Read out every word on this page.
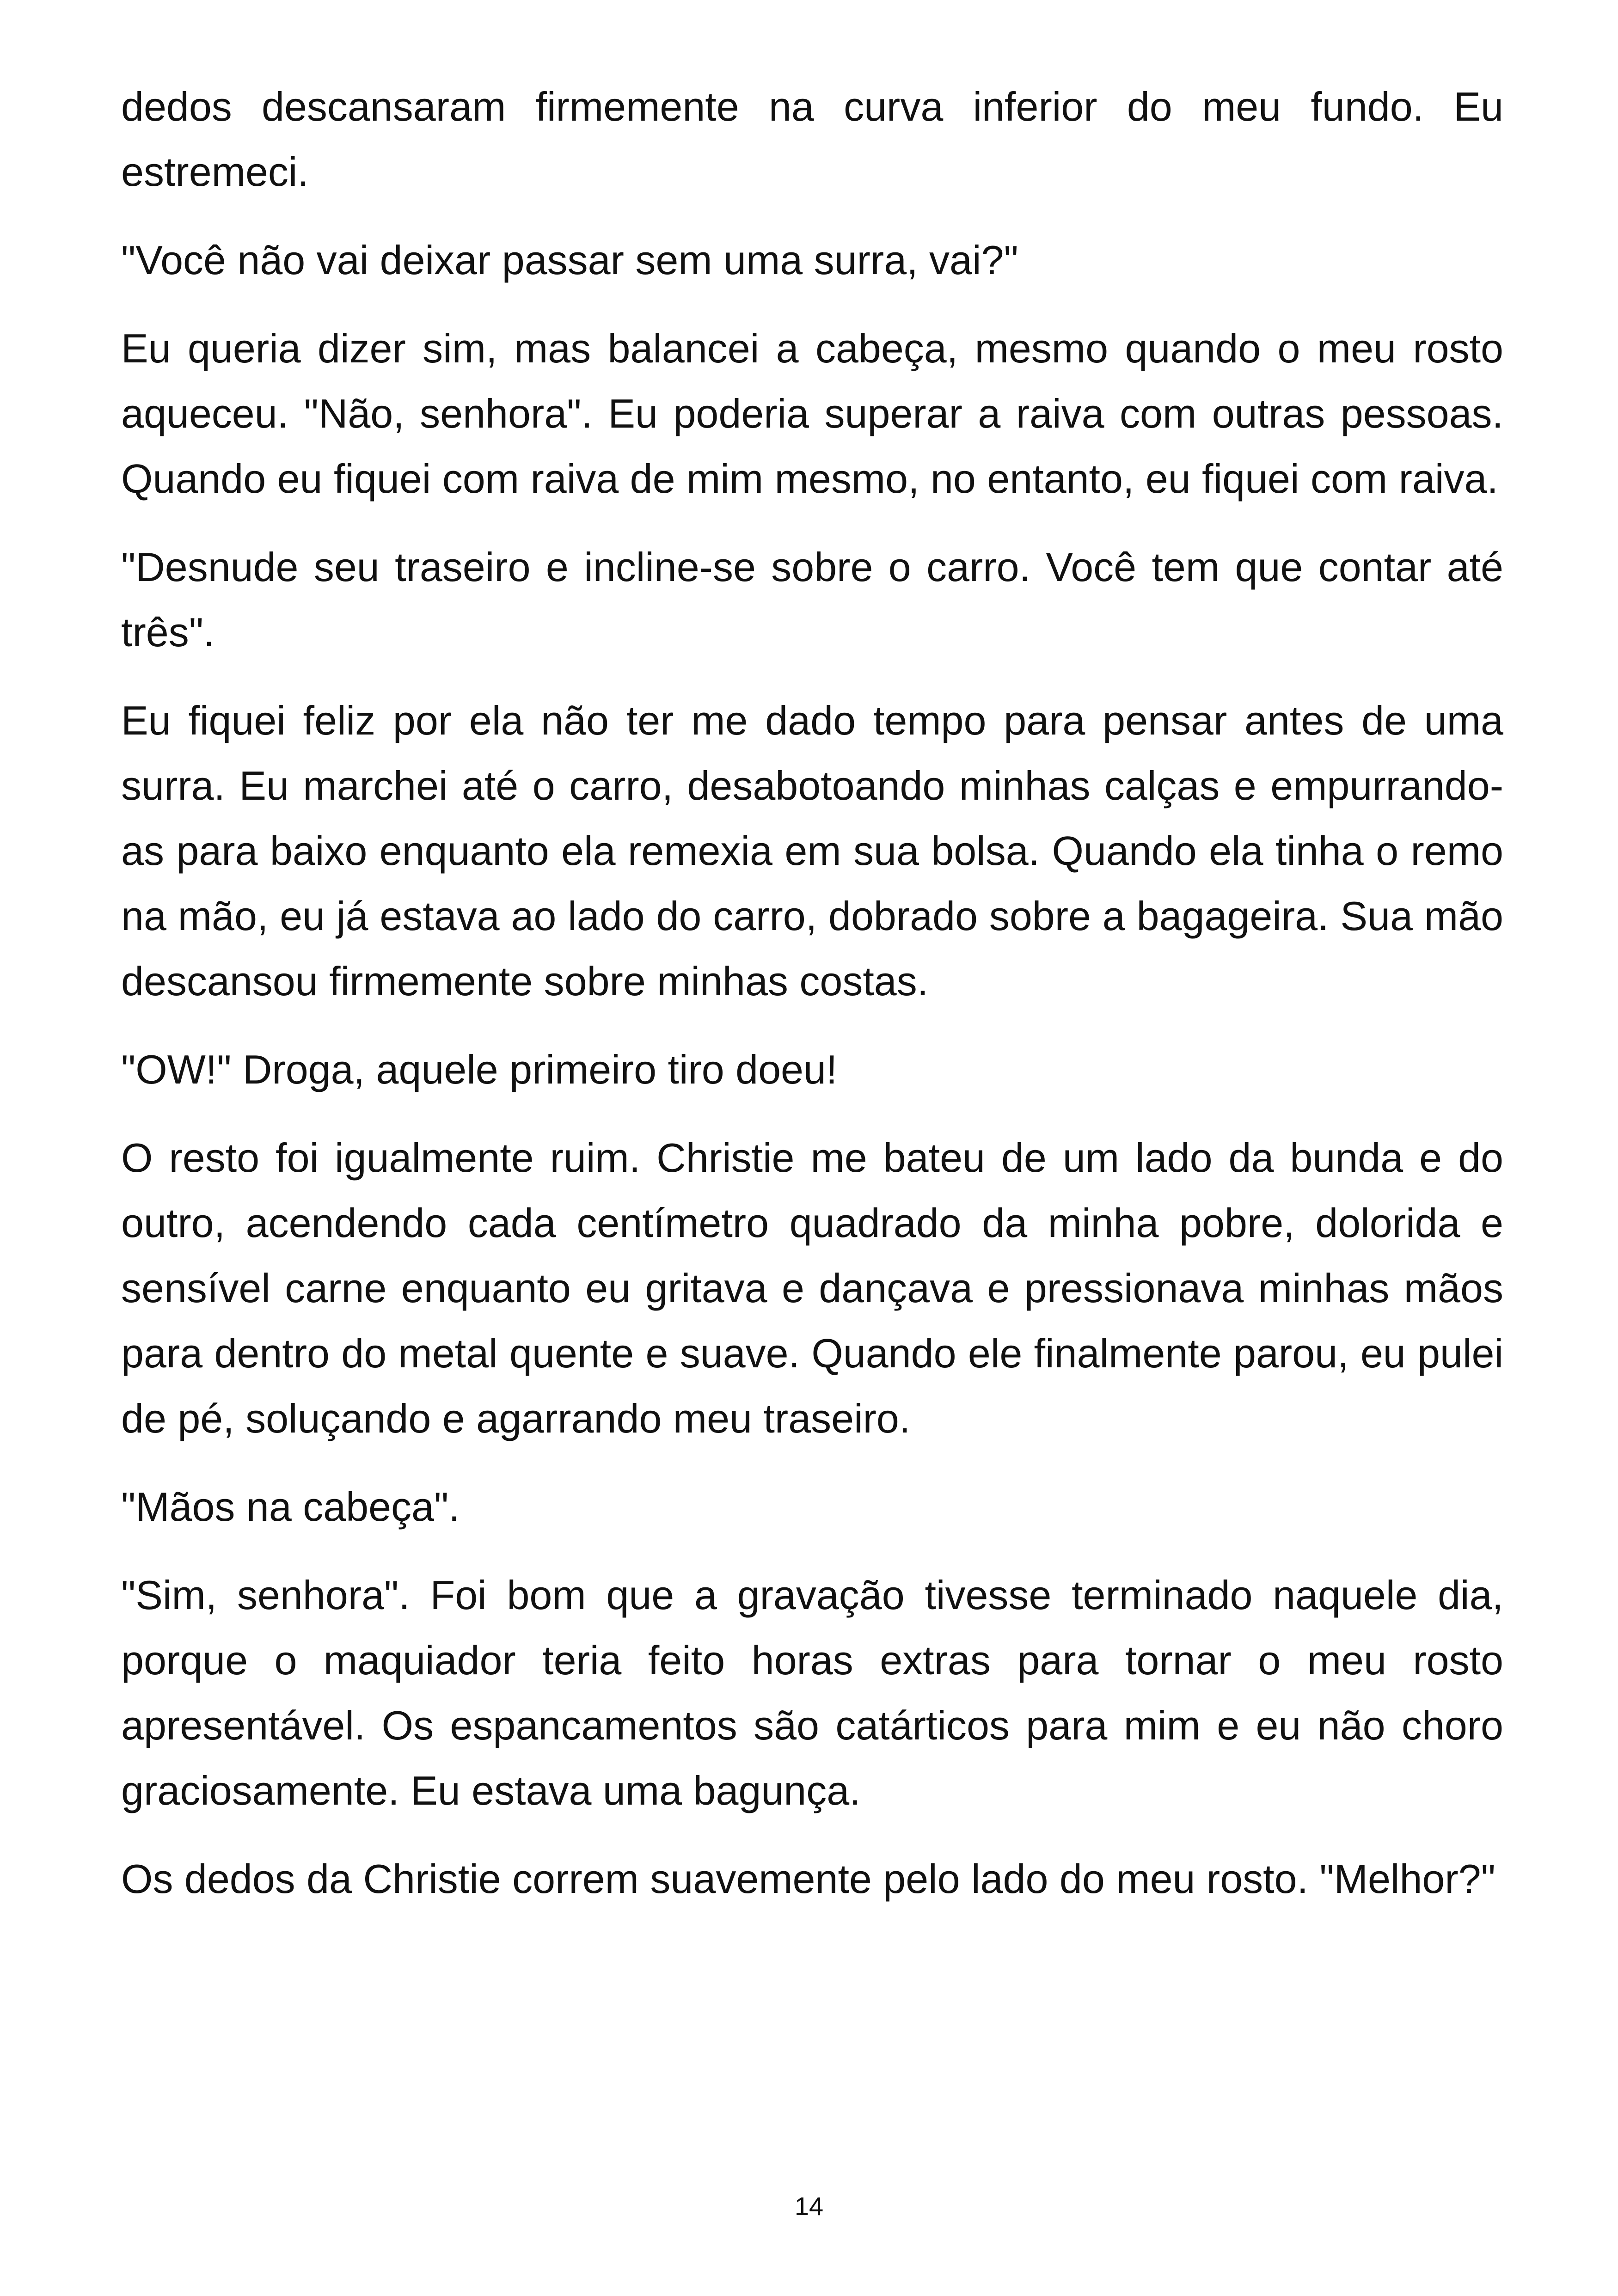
dedos descansaram firmemente na curva inferior do meu fundo. Eu estremeci.

"Você não vai deixar passar sem uma surra, vai?"

Eu queria dizer sim, mas balancei a cabeça, mesmo quando o meu rosto aqueceu. "Não, senhora". Eu poderia superar a raiva com outras pessoas. Quando eu fiquei com raiva de mim mesmo, no entanto, eu fiquei com raiva.

"Desnude seu traseiro e incline-se sobre o carro. Você tem que contar até três".

Eu fiquei feliz por ela não ter me dado tempo para pensar antes de uma surra. Eu marchei até o carro, desabotoando minhas calças e empurrando-as para baixo enquanto ela remexia em sua bolsa. Quando ela tinha o remo na mão, eu já estava ao lado do carro, dobrado sobre a bagageira. Sua mão descansou firmemente sobre minhas costas.

"OW!" Droga, aquele primeiro tiro doeu!

O resto foi igualmente ruim. Christie me bateu de um lado da bunda e do outro, acendendo cada centímetro quadrado da minha pobre, dolorida e sensível carne enquanto eu gritava e dançava e pressionava minhas mãos para dentro do metal quente e suave. Quando ele finalmente parou, eu pulei de pé, soluçando e agarrando meu traseiro.

"Mãos na cabeça".

"Sim, senhora". Foi bom que a gravação tivesse terminado naquele dia, porque o maquiador teria feito horas extras para tornar o meu rosto apresentável. Os espancamentos são catárticos para mim e eu não choro graciosamente. Eu estava uma bagunça.

Os dedos da Christie correm suavemente pelo lado do meu rosto. "Melhor?"

14
